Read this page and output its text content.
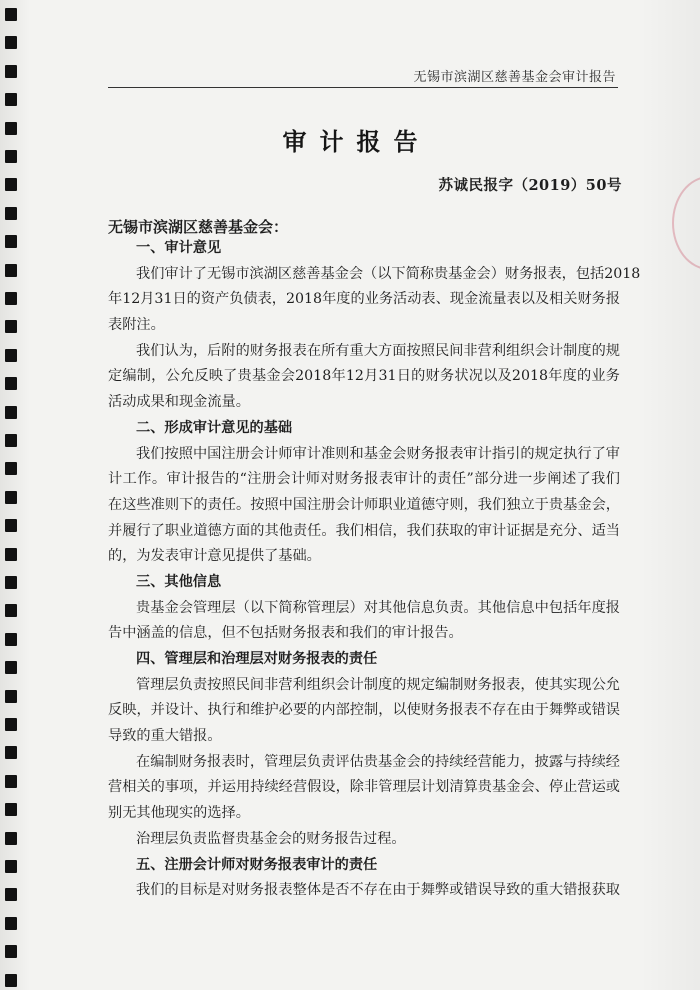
无锡市滨湖区慈善基金会审计报告
审计报告
苏诚民报字（2019）50号
无锡市滨湖区慈善基金会：
一、审计意见
我们审计了无锡市滨湖区慈善基金会（以下简称贵基金会）财务报表，包括2018
年12月31日的资产负债表，2018年度的业务活动表、现金流量表以及相关财务报
表附注。
我们认为，后附的财务报表在所有重大方面按照民间非营利组织会计制度的规
定编制，公允反映了贵基金会2018年12月31日的财务状况以及2018年度的业务
活动成果和现金流量。
二、形成审计意见的基础
我们按照中国注册会计师审计准则和基金会财务报表审计指引的规定执行了审
计工作。审计报告的“注册会计师对财务报表审计的责任”部分进一步阐述了我们
在这些准则下的责任。按照中国注册会计师职业道德守则，我们独立于贵基金会，
并履行了职业道德方面的其他责任。我们相信，我们获取的审计证据是充分、适当
的，为发表审计意见提供了基础。
三、其他信息
贵基金会管理层（以下简称管理层）对其他信息负责。其他信息中包括年度报
告中涵盖的信息，但不包括财务报表和我们的审计报告。
四、管理层和治理层对财务报表的责任
管理层负责按照民间非营利组织会计制度的规定编制财务报表，使其实现公允
反映，并设计、执行和维护必要的内部控制，以使财务报表不存在由于舞弊或错误
导致的重大错报。
在编制财务报表时，管理层负责评估贵基金会的持续经营能力，披露与持续经
营相关的事项，并运用持续经营假设，除非管理层计划清算贵基金会、停止营运或
别无其他现实的选择。
治理层负责监督贵基金会的财务报告过程。
五、注册会计师对财务报表审计的责任
我们的目标是对财务报表整体是否不存在由于舞弊或错误导致的重大错报获取
